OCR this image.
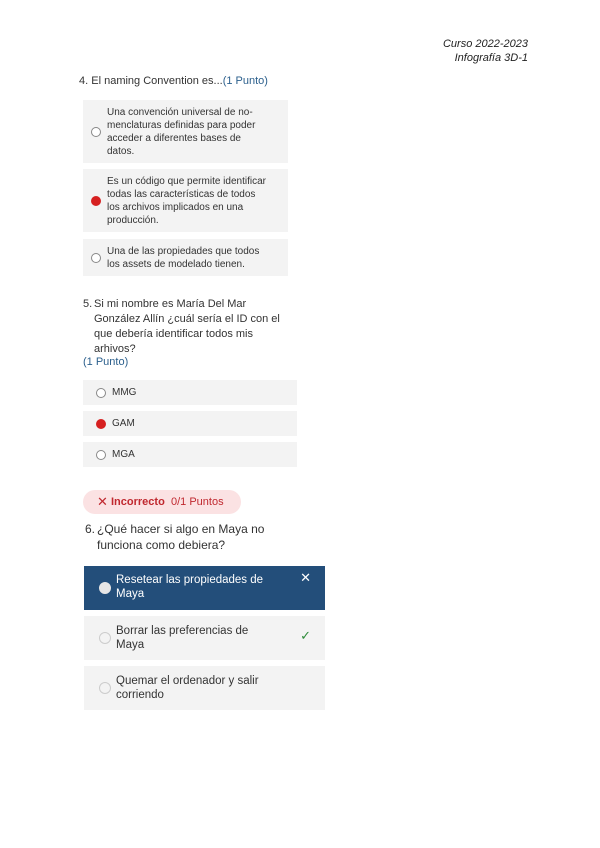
Curso 2022-2023
Infografía 3D-1
4. El naming Convention es...(1 Punto)
Una convención universal de no-
menclaturas definidas para poder
acceder a diferentes bases de
datos.
Es un código que permite identificar
todas las características de todos
los archivos implicados en una
producción.
Una de las propiedades que todos
los assets de modelado tienen.
5. Si mi nombre es María Del Mar
González Allín ¿cuál sería el ID con el
que debería identificar todos mis
arhivos?
(1 Punto)
MMG
GAM
MGA
✕ Incorrecto 0/1 Puntos
6. ¿Qué hacer si algo en Maya no funciona como debiera?
Resetear las propiedades de
Maya
✕
Borrar las preferencias de
Maya
✓
Quemar el ordenador y salir
corriendo
